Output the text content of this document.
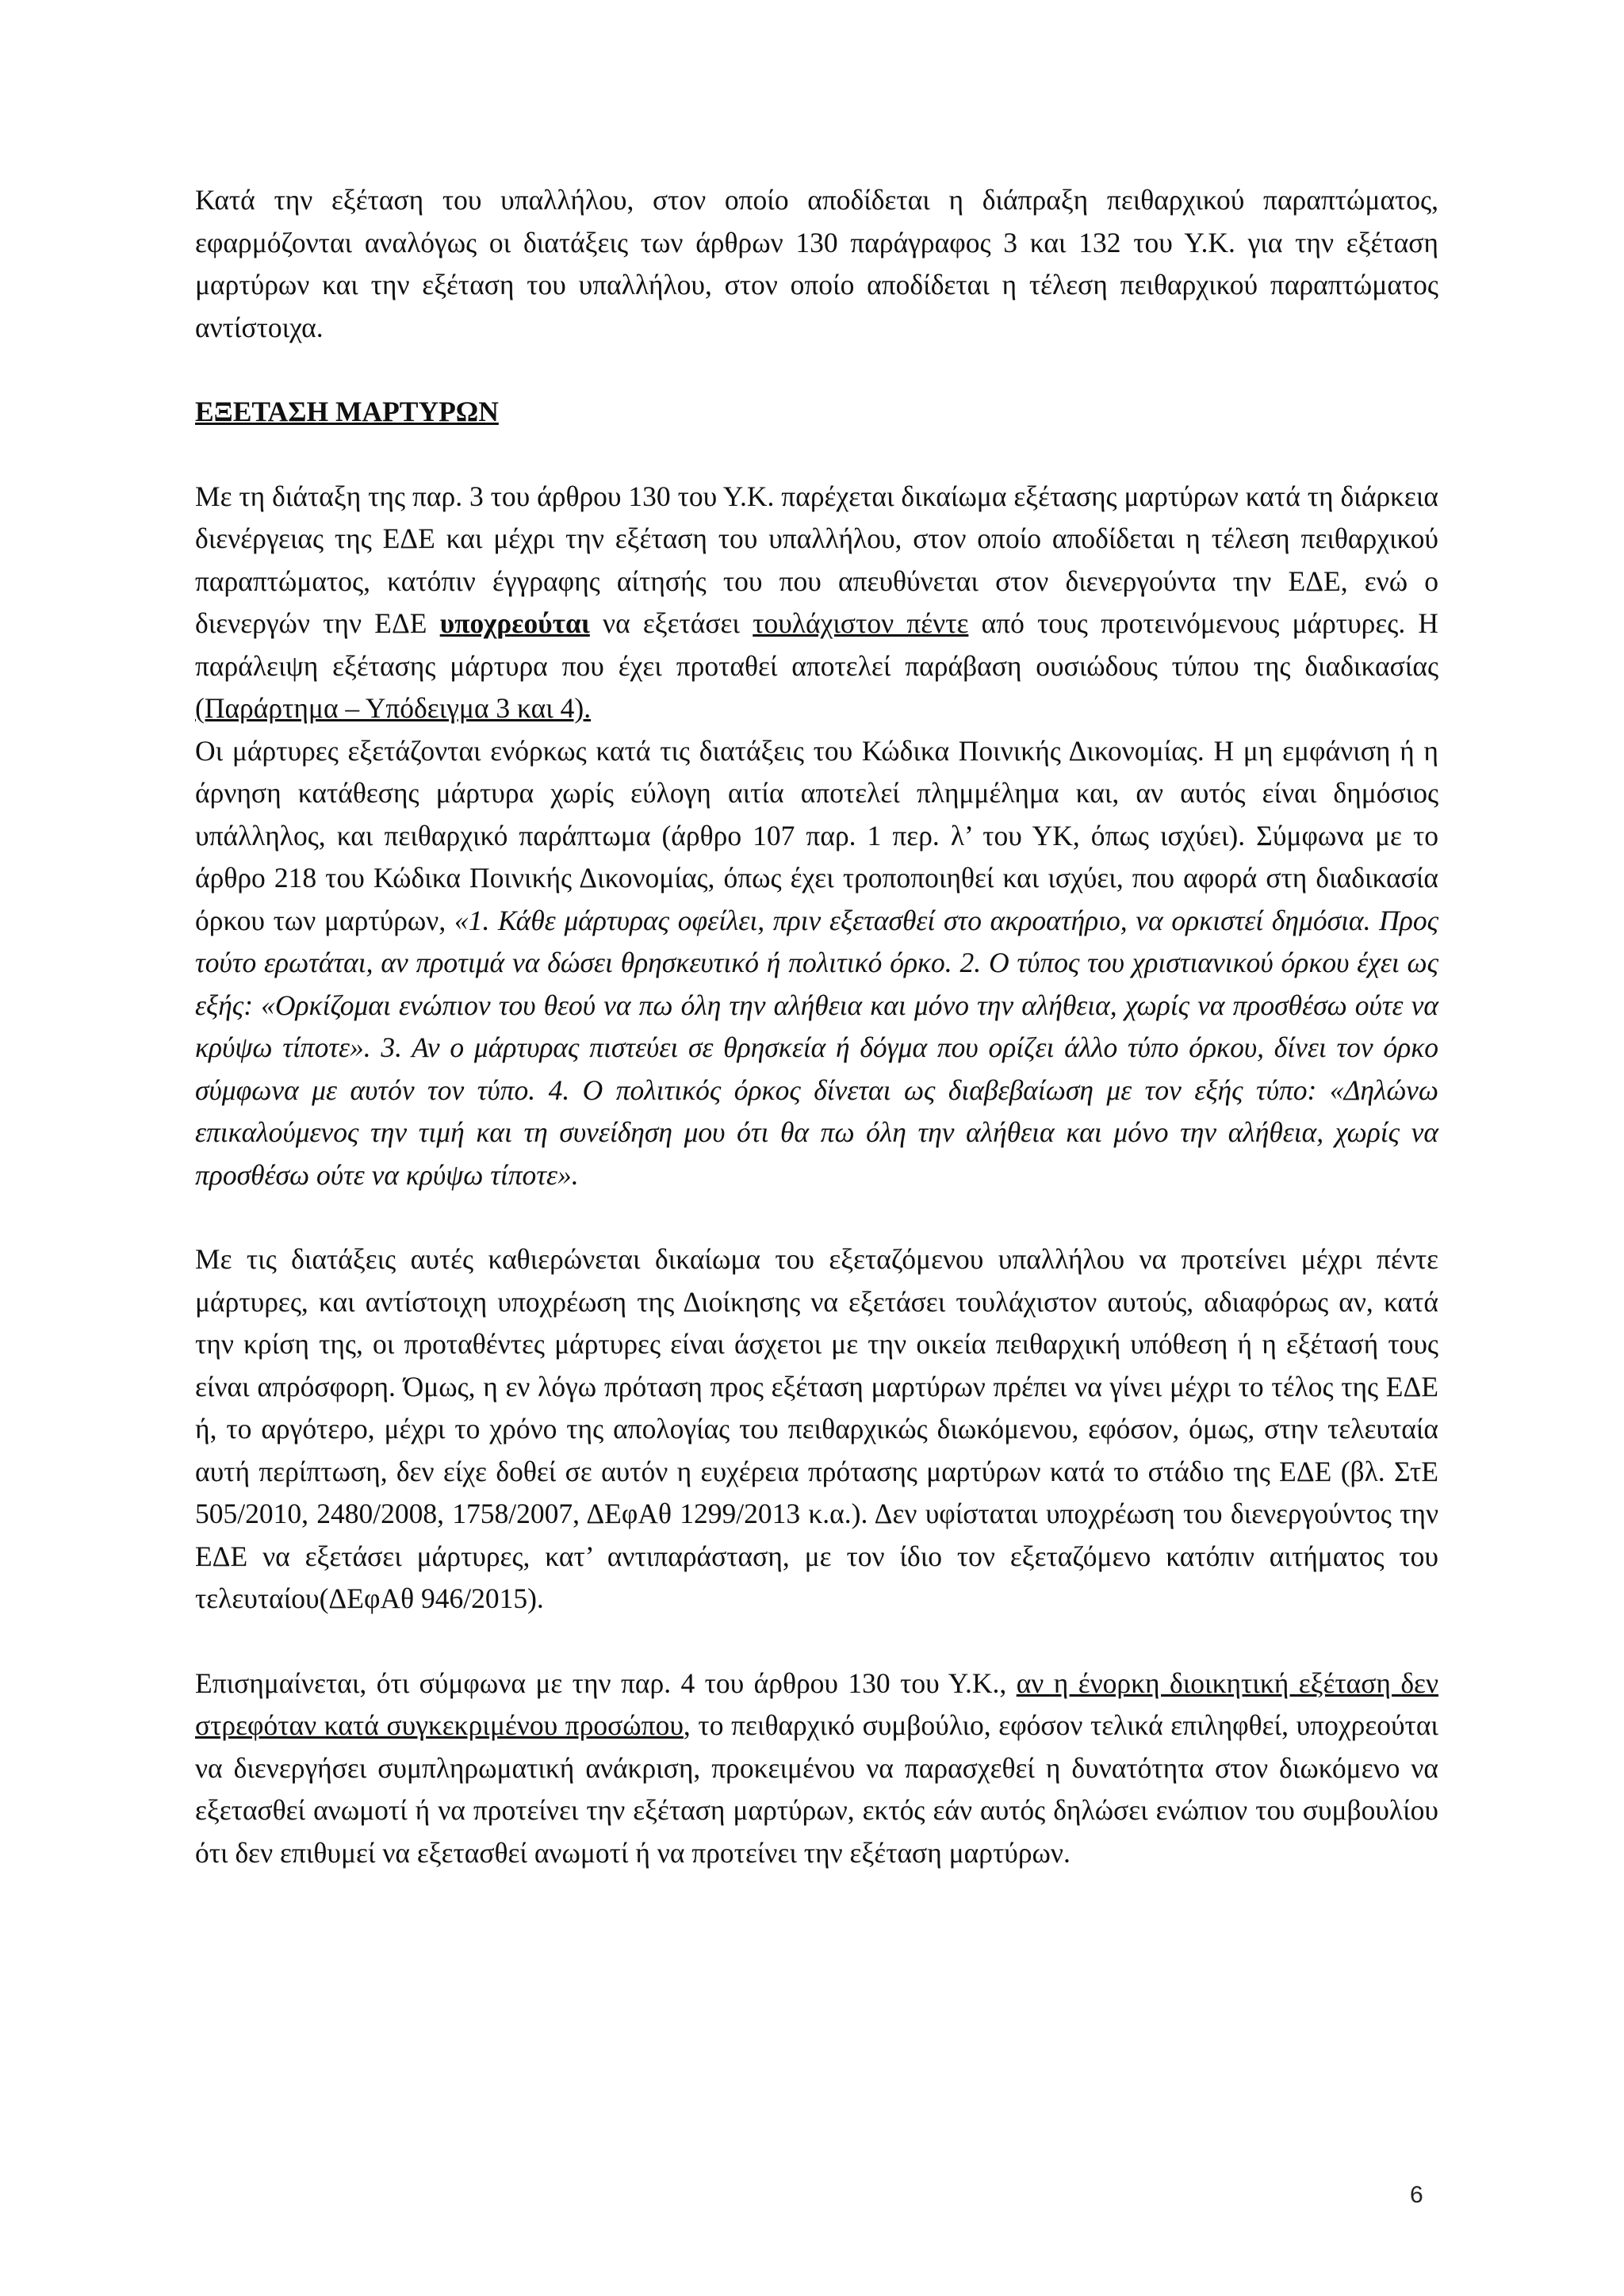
Κατά την εξέταση του υπαλλήλου, στον οποίο αποδίδεται η διάπραξη πειθαρχικού παραπτώματος, εφαρμόζονται αναλόγως οι διατάξεις των άρθρων 130 παράγραφος 3 και 132 του Υ.Κ. για την εξέταση μαρτύρων και την εξέταση του υπαλλήλου, στον οποίο αποδίδεται η τέλεση πειθαρχικού παραπτώματος αντίστοιχα.

ΕΞΕΤΑΣΗ ΜΑΡΤΥΡΩΝ

Με τη διάταξη της παρ. 3 του άρθρου 130 του Υ.Κ. παρέχεται δικαίωμα εξέτασης μαρτύρων κατά τη διάρκεια διενέργειας της ΕΔΕ και μέχρι την εξέταση του υπαλλήλου, στον οποίο αποδίδεται η τέλεση πειθαρχικού παραπτώματος, κατόπιν έγγραφης αίτησής του που απευθύνεται στον διενεργούντα την ΕΔΕ, ενώ ο διενεργών την ΕΔΕ υποχρεούται να εξετάσει τουλάχιστον πέντε από τους προτεινόμενους μάρτυρες. Η παράλειψη εξέτασης μάρτυρα που έχει προταθεί αποτελεί παράβαση ουσιώδους τύπου της διαδικασίας (Παράρτημα – Υπόδειγμα 3 και 4).

Οι μάρτυρες εξετάζονται ενόρκως κατά τις διατάξεις του Κώδικα Ποινικής Δικονομίας. Η μη εμφάνιση ή η άρνηση κατάθεσης μάρτυρα χωρίς εύλογη αιτία αποτελεί πλημμέλημα και, αν αυτός είναι δημόσιος υπάλληλος, και πειθαρχικό παράπτωμα (άρθρο 107 παρ. 1 περ. λ’ του ΥΚ, όπως ισχύει). Σύμφωνα με το άρθρο 218 του Κώδικα Ποινικής Δικονομίας, όπως έχει τροποποιηθεί και ισχύει, που αφορά στη διαδικασία όρκου των μαρτύρων, «1. Κάθε μάρτυρας οφείλει, πριν εξετασθεί στο ακροατήριο, να ορκιστεί δημόσια. Προς τούτο ερωτάται, αν προτιμά να δώσει θρησκευτικό ή πολιτικό όρκο. 2. Ο τύπος του χριστιανικού όρκου έχει ως εξής: «Ορκίζομαι ενώπιον του θεού να πω όλη την αλήθεια και μόνο την αλήθεια, χωρίς να προσθέσω ούτε να κρύψω τίποτε». 3. Αν ο μάρτυρας πιστεύει σε θρησκεία ή δόγμα που ορίζει άλλο τύπο όρκου, δίνει τον όρκο σύμφωνα με αυτόν τον τύπο. 4. Ο πολιτικός όρκος δίνεται ως διαβεβαίωση με τον εξής τύπο: «Δηλώνω επικαλούμενος την τιμή και τη συνείδηση μου ότι θα πω όλη την αλήθεια και μόνο την αλήθεια, χωρίς να προσθέσω ούτε να κρύψω τίποτε».

Με τις διατάξεις αυτές καθιερώνεται δικαίωμα του εξεταζόμενου υπαλλήλου να προτείνει μέχρι πέντε μάρτυρες, και αντίστοιχη υποχρέωση της Διοίκησης να εξετάσει τουλάχιστον αυτούς, αδιαφόρως αν, κατά την κρίση της, οι προταθέντες μάρτυρες είναι άσχετοι με την οικεία πειθαρχική υπόθεση ή η εξέτασή τους είναι απρόσφορη. Όμως, η εν λόγω πρόταση προς εξέταση μαρτύρων πρέπει να γίνει μέχρι το τέλος της ΕΔΕ ή, το αργότερο, μέχρι το χρόνο της απολογίας του πειθαρχικώς διωκόμενου, εφόσον, όμως, στην τελευταία αυτή περίπτωση, δεν είχε δοθεί σε αυτόν η ευχέρεια πρότασης μαρτύρων κατά το στάδιο της ΕΔΕ (βλ. ΣτΕ 505/2010, 2480/2008, 1758/2007, ΔΕφΑθ 1299/2013 κ.α.). Δεν υφίσταται υποχρέωση του διενεργούντος την ΕΔΕ να εξετάσει μάρτυρες, κατ’ αντιπαράσταση, με τον ίδιο τον εξεταζόμενο κατόπιν αιτήματος του τελευταίου(ΔΕφΑθ 946/2015).

Επισημαίνεται, ότι σύμφωνα με την παρ. 4 του άρθρου 130 του Υ.Κ., αν η ένορκη διοικητική εξέταση δεν στρεφόταν κατά συγκεκριμένου προσώπου, το πειθαρχικό συμβούλιο, εφόσον τελικά επιληφθεί, υποχρεούται να διενεργήσει συμπληρωματική ανάκριση, προκειμένου να παρασχεθεί η δυνατότητα στον διωκόμενο να εξετασθεί ανωμοτί ή να προτείνει την εξέταση μαρτύρων, εκτός εάν αυτός δηλώσει ενώπιον του συμβουλίου ότι δεν επιθυμεί να εξετασθεί ανωμοτί ή να προτείνει την εξέταση μαρτύρων.

6
